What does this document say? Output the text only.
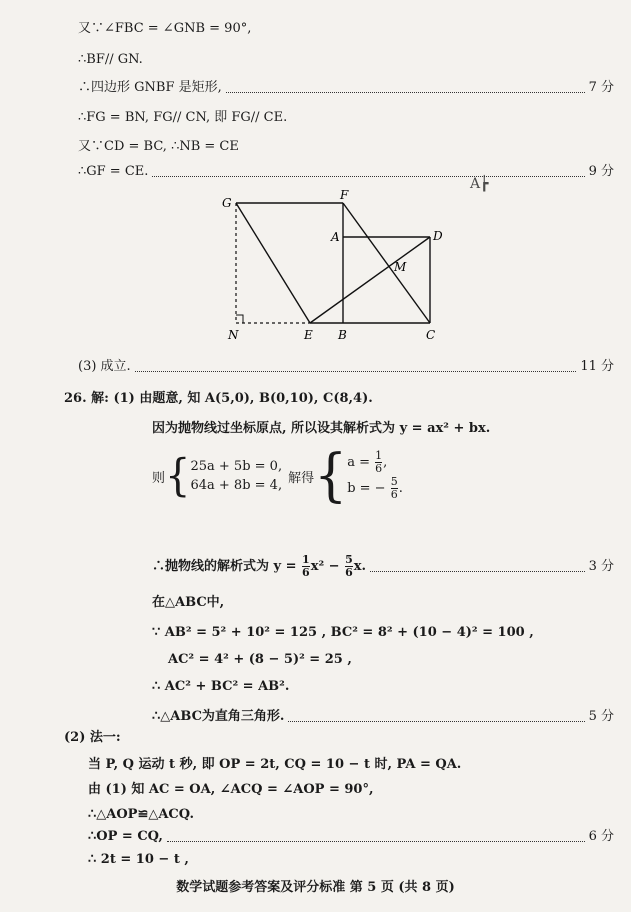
又∵∠FBC = ∠GNB = 90°,
∴BF// GN.
∴四边形 GNBF 是矩形,	7 分
∴FG = BN, FG// CN, 即 FG// CE.
又∵CD = BC, ∴NB = CE
∴GF = CE.	9 分
A┢
G
F
A	D
M
N	E B	C
(3) 成立.	11 分
26. 解: (1) 由题意, 知 A(5,0), B(0,10), C(8,4).
因为抛物线过坐标原点, 所以设其解析式为 y = ax² + bx.
则 { 25a + 5b = 0,
64a + 8b = 4, 解得 { $a = \frac{1}{6}$ ,
b = − $\frac{5}{6}$ .
∴抛物线的解析式为 $y = \frac{1}{6} x^2 - \frac{5}{6} x$.	3 分
在△ABC中,
∵ AB² = 5² + 10² = 125 , BC² = 8² + (10 − 4)² = 100 ,
AC² = 4² + (8 − 5)² = 25 ,
∴ AC² + BC² = AB².
∴△ABC为直角三角形.	5 分
(2) 法一:
当 P, Q 运动 t 秒, 即 OP = 2t, CQ = 10 − t 时, PA = QA.
由 (1) 知 AC = OA, ∠ACQ = ∠AOP = 90°,
∴△AOP≌△ACQ.
∴OP = CQ,	6 分
∴ 2t = 10 − t ,
数学试题参考答案及评分标准 第 5 页 (共 8 页)
